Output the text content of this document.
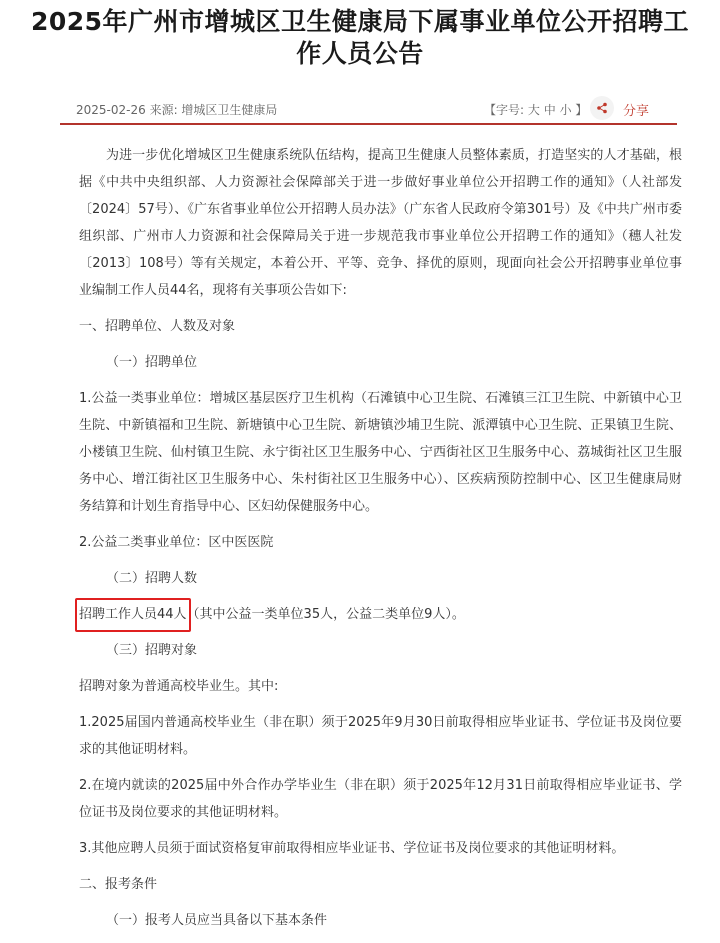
2025年广州市增城区卫生健康局下属事业单位公开招聘工作人员公告
2025-02-26 来源: 增城区卫生健康局	【字号: 大 中 小 】	分享

为进一步优化增城区卫生健康系统队伍结构，提高卫生健康人员整体素质，打造坚实的人才基础，根据《中共中央组织部、人力资源社会保障部关于进一步做好事业单位公开招聘工作的通知》（人社部发〔2024〕57号）、《广东省事业单位公开招聘人员办法》（广东省人民政府令第301号）及《中共广州市委组织部、广州市人力资源和社会保障局关于进一步规范我市事业单位公开招聘工作的通知》（穗人社发〔2013〕108号）等有关规定，本着公开、平等、竞争、择优的原则，现面向社会公开招聘事业单位事业编制工作人员44名，现将有关事项公告如下:

一、招聘单位、人数及对象

（一）招聘单位

1.公益一类事业单位：增城区基层医疗卫生机构（石滩镇中心卫生院、石滩镇三江卫生院、中新镇中心卫生院、中新镇福和卫生院、新塘镇中心卫生院、新塘镇沙埔卫生院、派潭镇中心卫生院、正果镇卫生院、小楼镇卫生院、仙村镇卫生院、永宁街社区卫生服务中心、宁西街社区卫生服务中心、荔城街社区卫生服务中心、增江街社区卫生服务中心、朱村街社区卫生服务中心）、区疾病预防控制中心、区卫生健康局财务结算和计划生育指导中心、区妇幼保健服务中心。

2.公益二类事业单位：区中医医院

（二）招聘人数

招聘工作人员44人
（其中公益一类单位35人，公益二类单位9人）。

（三）招聘对象

招聘对象为普通高校毕业生。其中:

1.2025届国内普通高校毕业生（非在职）须于2025年9月30日前取得相应毕业证书、学位证书及岗位要求的其他证明材料。

2.在境内就读的2025届中外合作办学毕业生（非在职）须于2025年12月31日前取得相应毕业证书、学位证书及岗位要求的其他证明材料。

3.其他应聘人员须于面试资格复审前取得相应毕业证书、学位证书及岗位要求的其他证明材料。

二、报考条件

（一）报考人员应当具备以下基本条件
